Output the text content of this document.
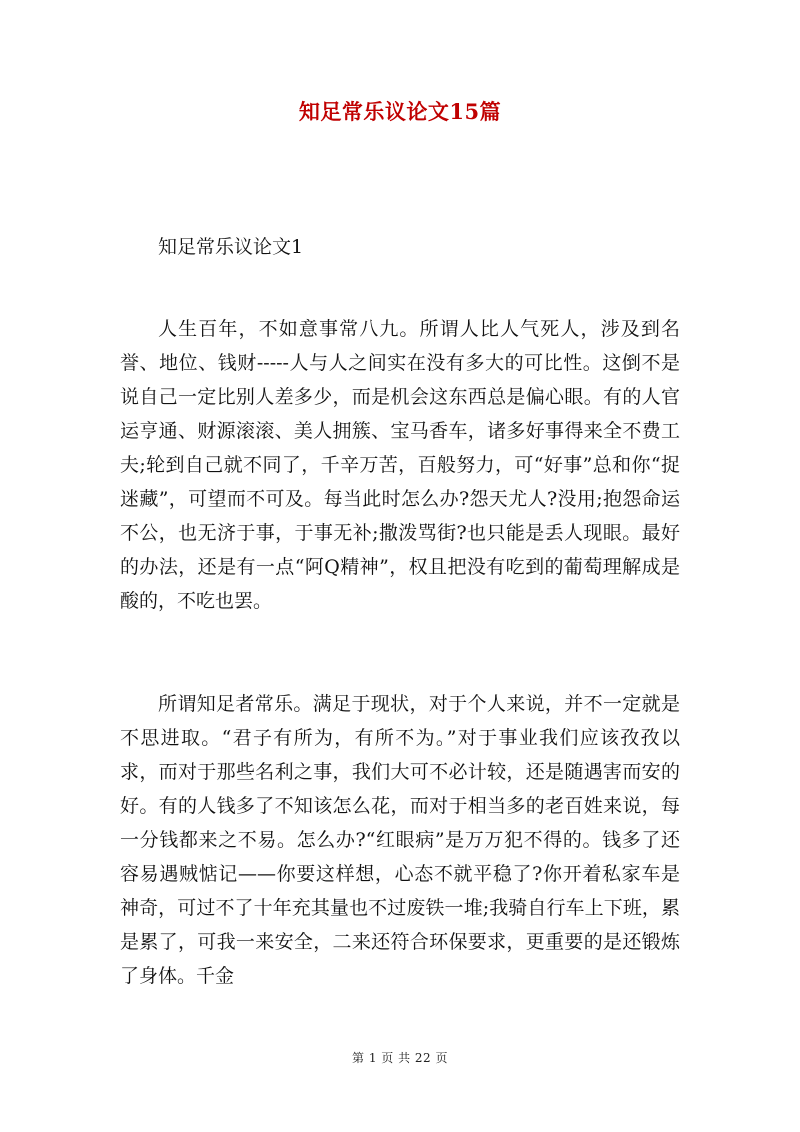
知足常乐议论文15篇

知足常乐议论文1

人生百年，不如意事常八九。所谓人比人气死人，涉及到名誉、地位、钱财-----人与人之间实在没有多大的可比性。这倒不是说自己一定比别人差多少，而是机会这东西总是偏心眼。有的人官运亨通、财源滚滚、美人拥簇、宝马香车，诸多好事得来全不费工夫;轮到自己就不同了，千辛万苦，百般努力，可“好事”总和你“捉迷藏”，可望而不可及。每当此时怎么办?怨天尤人?没用;抱怨命运不公，也无济于事，于事无补;撒泼骂街?也只能是丢人现眼。最好的办法，还是有一点“阿Q精神”，权且把没有吃到的葡萄理解成是酸的，不吃也罢。

所谓知足者常乐。满足于现状，对于个人来说，并不一定就是不思进取。“君子有所为，有所不为。”对于事业我们应该孜孜以求，而对于那些名利之事，我们大可不必计较，还是随遇害而安的好。有的人钱多了不知该怎么花，而对于相当多的老百姓来说，每一分钱都来之不易。怎么办?“红眼病”是万万犯不得的。钱多了还容易遇贼惦记——你要这样想，心态不就平稳了?你开着私家车是神奇，可过不了十年充其量也不过废铁一堆;我骑自行车上下班，累是累了，可我一来安全，二来还符合环保要求，更重要的是还锻炼了身体。千金

第 1 页 共 22 页
